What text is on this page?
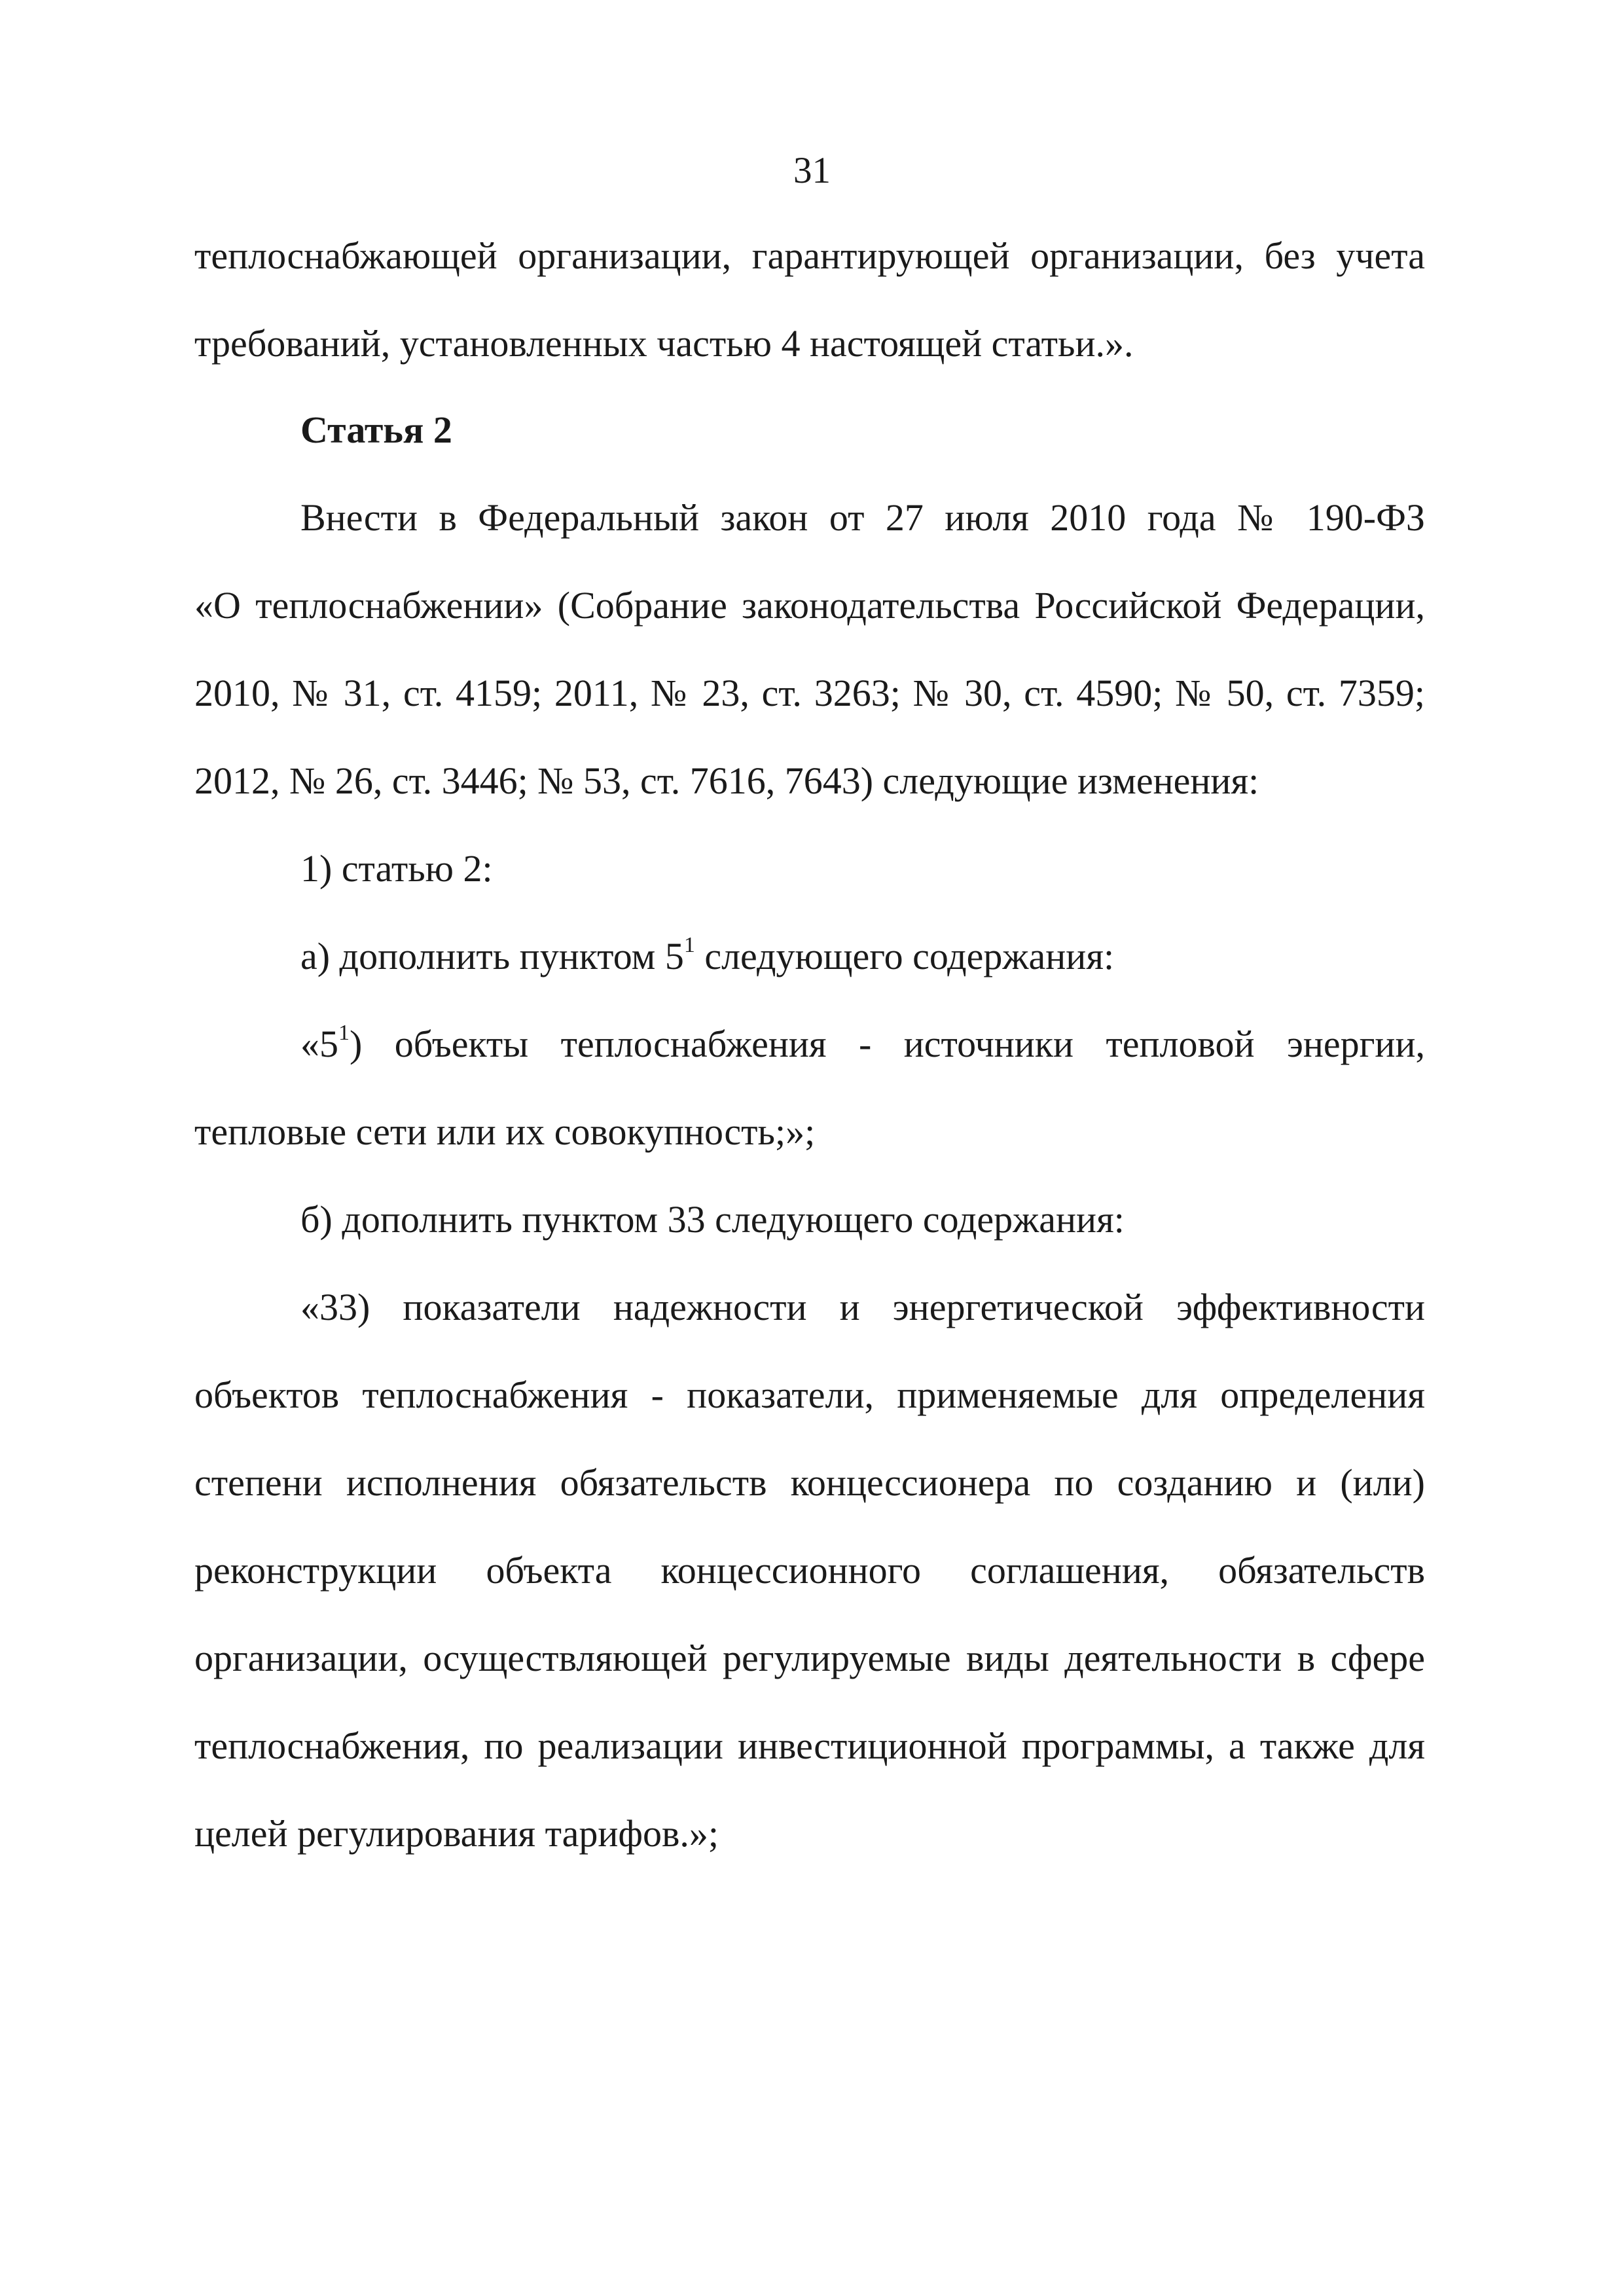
31
теплоснабжающей организации, гарантирующей организации, без учета
требований, установленных частью 4 настоящей статьи.».
Статья 2
Внести в Федеральный закон от 27 июля 2010 года № 190-ФЗ
«О теплоснабжении» (Собрание законодательства Российской Федерации,
2010, № 31, ст. 4159; 2011, № 23, ст. 3263; № 30, ст. 4590; № 50, ст. 7359;
2012, № 26, ст. 3446; № 53, ст. 7616, 7643) следующие изменения:
1) статью 2:
а) дополнить пунктом $5^1$ следующего содержания:
«$5^1$) объекты теплоснабжения - источники тепловой энергии,
тепловые сети или их совокупность;»;
б) дополнить пунктом 33 следующего содержания:
«33) показатели надежности и энергетической эффективности
объектов теплоснабжения - показатели, применяемые для определения
степени исполнения обязательств концессионера по созданию и (или)
реконструкции объекта концессионного соглашения, обязательств
организации, осуществляющей регулируемые виды деятельности в сфере
теплоснабжения, по реализации инвестиционной программы, а также для
целей регулирования тарифов.»;
